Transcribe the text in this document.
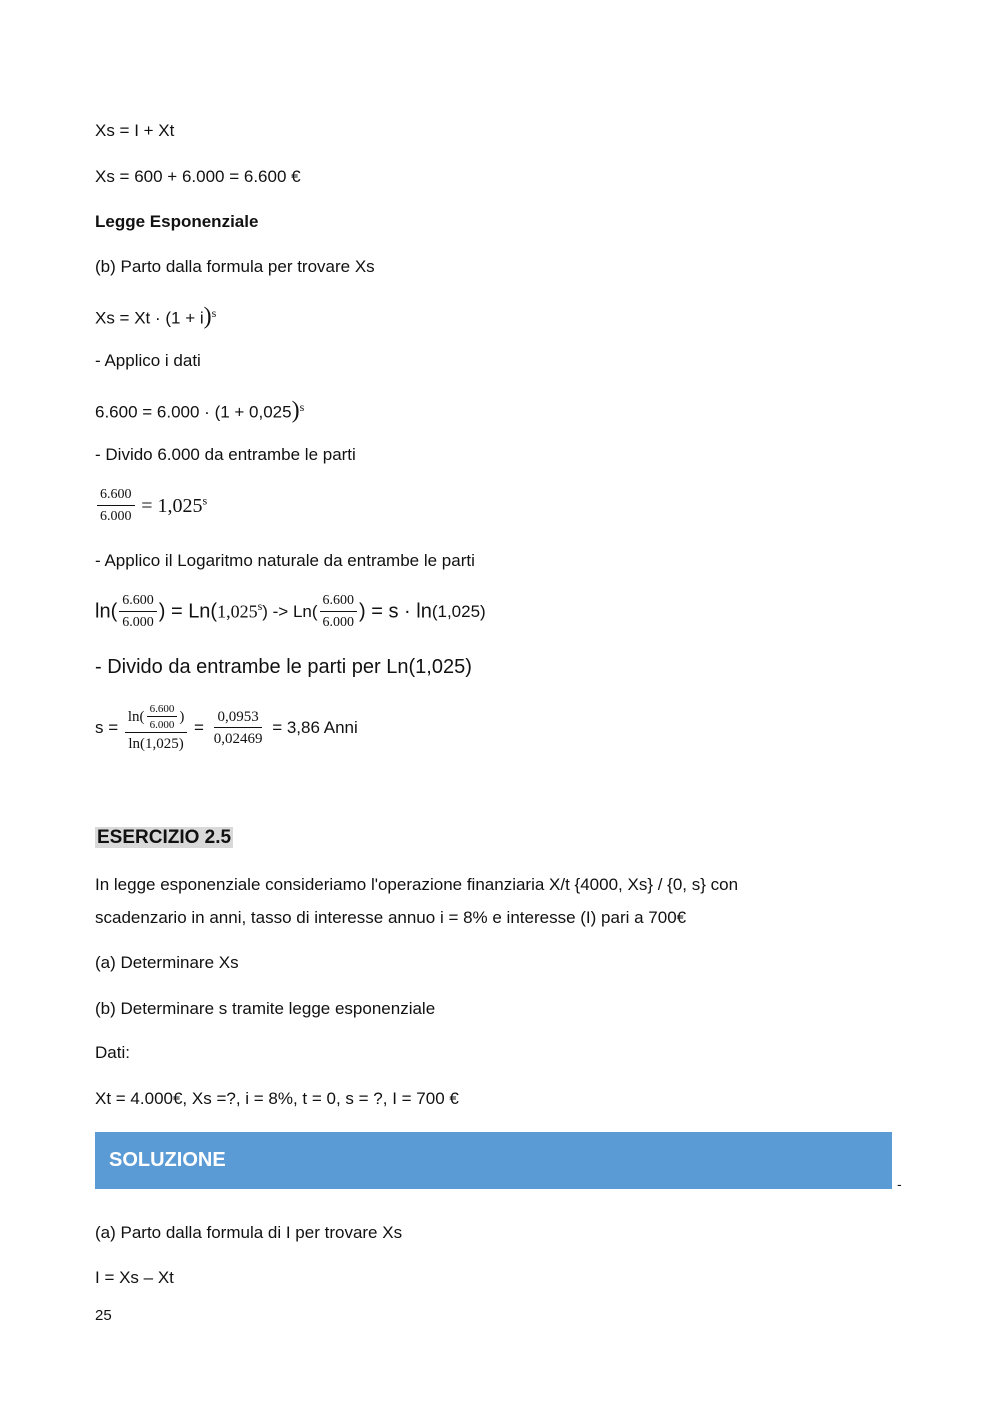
Xs = I + Xt
Xs = 600 + 6.000 = 6.600 €
Legge Esponenziale
(b) Parto dalla formula per trovare Xs
$Xs = Xt \cdot (1 + i)^s$
- Applico i dati
$6.600 = 6.000 \cdot (1 + 0,025)^s$
- Divido 6.000 da entrambe le parti
$\frac{6.600}{6.000} = 1,025^s$
- Applico il Logaritmo naturale da entrambe le parti
$\ln( \frac{6.600}{6.000}$ ) = $Ln(1,025^s) -> Ln( \frac{6.600}{6.000}$ ) = s · ln(1,025)
- Divido da entrambe le parti per Ln(1,025)
$s = \frac{\ln( \frac{6.600}{6.000} )}{\ln(1,025)} = \frac{0,0953}{0,02469} = 3,86$ Anni
ESERCIZIO 2.5
In legge esponenziale consideriamo l'operazione finanziaria X/t {4000, Xs} / {0, s} con
scadenzario in anni, tasso di interesse annuo i = 8% e interesse (I) pari a 700€
(a) Determinare Xs
(b) Determinare s tramite legge esponenziale
Dati:
Xt = 4.000€, Xs =?, i = 8%, t = 0, s = ?, I = 700 €
SOLUZIONE
-
(a) Parto dalla formula di I per trovare Xs
I = Xs – Xt
25
